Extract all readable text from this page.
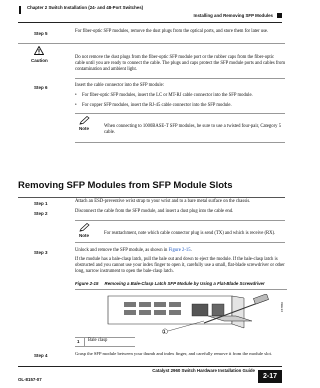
Chapter 2 Switch Installation (24- and 48-Port Switches)
Installing and Removing SFP Modules
Step 5	For fiber-optic SFP modules, remove the dust plugs from the optical ports, and store them for later use.
Caution
Do not remove the dust plugs from the fiber-optic SFP module port or the rubber caps from the fiber-optic cable until you are ready to connect the cable. The plugs and caps protect the SFP module ports and cables from contamination and ambient light.
Step 6	Insert the cable connector into the SFP module:
• For fiber-optic SFP modules, insert the LC or MT-RJ cable connector into the SFP module.
• For copper SFP modules, insert the RJ-45 cable connector into the SFP module.
Note	When connecting to 1000BASE-T SFP modules, be sure to use a twisted four-pair, Category 5 cable.
Removing SFP Modules from SFP Module Slots
Step 1	Attach an ESD-preventive wrist strap to your wrist and to a bare metal surface on the chassis.
Step 2	Disconnect the cable from the SFP module, and insert a dust plug into the cable end.
Note	For reattachment, note which cable connector plug is send (TX) and which is receive (RX).
Step 3	Unlock and remove the SFP module, as shown in Figure 2-15.
If the module has a bale-clasp latch, pull the bale out and down to eject the module. If the bale-clasp latch is obstructed and you cannot use your index finger to open it, carefully use a small, flat-blade screwdriver or other long, narrow instrument to open the bale-clasp latch.
Figure 2-15 Removing a Bale-Clasp Latch SFP Module by Using a Flat-Blade Screwdriver
1
157850
1 Bale clasp
Step 4	Grasp the SFP module between your thumb and index finger, and carefully remove it from the module slot.
Catalyst 2960 Switch Hardware Installation Guide
OL-8157-07	2-17
